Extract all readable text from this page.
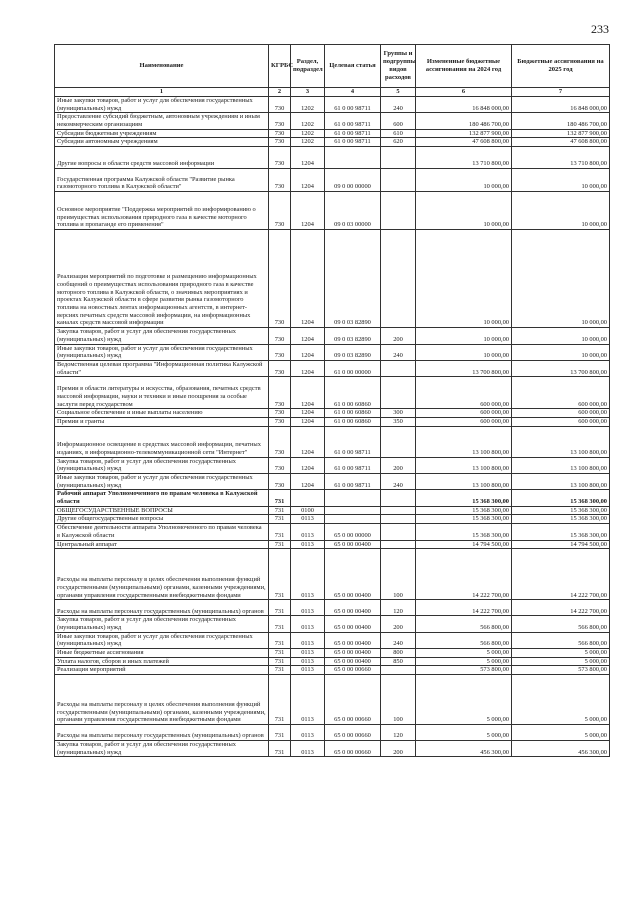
233
Наименование	КГРБС	Раздел, подраздел	Целевая статья	Группы и подгруппы видов расходов	Измененные бюджетные ассигнования на 2024 год	Бюджетные ассигнования на 2025 год
1	2	3	4	5	6	7
Иные закупки товаров, работ и услуг для обеспечения государственных (муниципальных) нужд	730	1202	61 0 00 98711	240	16 848 000,00	16 848 000,00
Предоставление субсидий бюджетным, автономным учреждениям и иным некоммерческим организациям	730	1202	61 0 00 98711	600	180 486 700,00	180 486 700,00
Субсидии бюджетным учреждениям	730	1202	61 0 00 98711	610	132 877 900,00	132 877 900,00
Субсидии автономным учреждениям	730	1202	61 0 00 98711	620	47 608 800,00	47 608 800,00
Другие вопросы в области средств массовой информации	730	1204			13 710 800,00	13 710 800,00
Государственная программа Калужской области "Развитие рынка газомоторного топлива в Калужской области"	730	1204	09 0 00 00000		10 000,00	10 000,00
Основное мероприятие "Поддержка мероприятий по информированию о преимуществах использования природного газа в качестве моторного топлива и пропаганде его применения"	730	1204	09 0 03 00000		10 000,00	10 000,00
Реализация мероприятий по подготовке и размещению информационных сообщений о преимуществах использования природного газа в качестве моторного топлива в Калужской области, о значимых мероприятиях и проектах Калужской области в сфере развития рынка газомоторного топлива на новостных лентах информационных агентств, в интернет-версиях печатных средств массовой информации, на информационных каналах средств массовой информации	730	1204	09 0 03 82890		10 000,00	10 000,00
Закупка товаров, работ и услуг для обеспечения государственных (муниципальных) нужд	730	1204	09 0 03 82890	200	10 000,00	10 000,00
Иные закупки товаров, работ и услуг для обеспечения государственных (муниципальных) нужд	730	1204	09 0 03 82890	240	10 000,00	10 000,00
Ведомственная целевая программа "Информационная политика Калужской области"	730	1204	61 0 00 00000		13 700 800,00	13 700 800,00
Премии в области литературы и искусства, образования, печатных средств массовой информации, науки и техники и иные поощрения за особые заслуги перед государством	730	1204	61 0 00 60860		600 000,00	600 000,00
Социальное обеспечение и иные выплаты населению	730	1204	61 0 00 60860	300	600 000,00	600 000,00
Премии и гранты	730	1204	61 0 00 60860	350	600 000,00	600 000,00
Информационное освещение в средствах массовой информации, печатных изданиях, в информационно-телекоммуникационной сети "Интернет"	730	1204	61 0 00 98711		13 100 800,00	13 100 800,00
Закупка товаров, работ и услуг для обеспечения государственных (муниципальных) нужд	730	1204	61 0 00 98711	200	13 100 800,00	13 100 800,00
Иные закупки товаров, работ и услуг для обеспечения государственных (муниципальных) нужд	730	1204	61 0 00 98711	240	13 100 800,00	13 100 800,00
Рабочий аппарат Уполномоченного по правам человека в Калужской области	731				15 368 300,00	15 368 300,00
ОБЩЕГОСУДАРСТВЕННЫЕ ВОПРОСЫ	731	0100			15 368 300,00	15 368 300,00
Другие общегосударственные вопросы	731	0113			15 368 300,00	15 368 300,00
Обеспечение деятельности аппарата Уполномоченного по правам человека в Калужской области	731	0113	65 0 00 00000		15 368 300,00	15 368 300,00
Центральный аппарат	731	0113	65 0 00 00400		14 794 500,00	14 794 500,00
Расходы на выплаты персоналу в целях обеспечения выполнения функций государственными (муниципальными) органами, казенными учреждениями, органами управления государственными внебюджетными фондами	731	0113	65 0 00 00400	100	14 222 700,00	14 222 700,00
Расходы на выплаты персоналу государственных (муниципальных) органов	731	0113	65 0 00 00400	120	14 222 700,00	14 222 700,00
Закупка товаров, работ и услуг для обеспечения государственных (муниципальных) нужд	731	0113	65 0 00 00400	200	566 800,00	566 800,00
Иные закупки товаров, работ и услуг для обеспечения государственных (муниципальных) нужд	731	0113	65 0 00 00400	240	566 800,00	566 800,00
Иные бюджетные ассигнования	731	0113	65 0 00 00400	800	5 000,00	5 000,00
Уплата налогов, сборов и иных платежей	731	0113	65 0 00 00400	850	5 000,00	5 000,00
Реализация мероприятий	731	0113	65 0 00 00660		573 800,00	573 800,00
Расходы на выплаты персоналу в целях обеспечения выполнения функций государственными (муниципальными) органами, казенными учреждениями, органами управления государственными внебюджетными фондами	731	0113	65 0 00 00660	100	5 000,00	5 000,00
Расходы на выплаты персоналу государственных (муниципальных) органов	731	0113	65 0 00 00660	120	5 000,00	5 000,00
Закупка товаров, работ и услуг для обеспечения государственных (муниципальных) нужд	731	0113	65 0 00 00660	200	456 300,00	456 300,00
